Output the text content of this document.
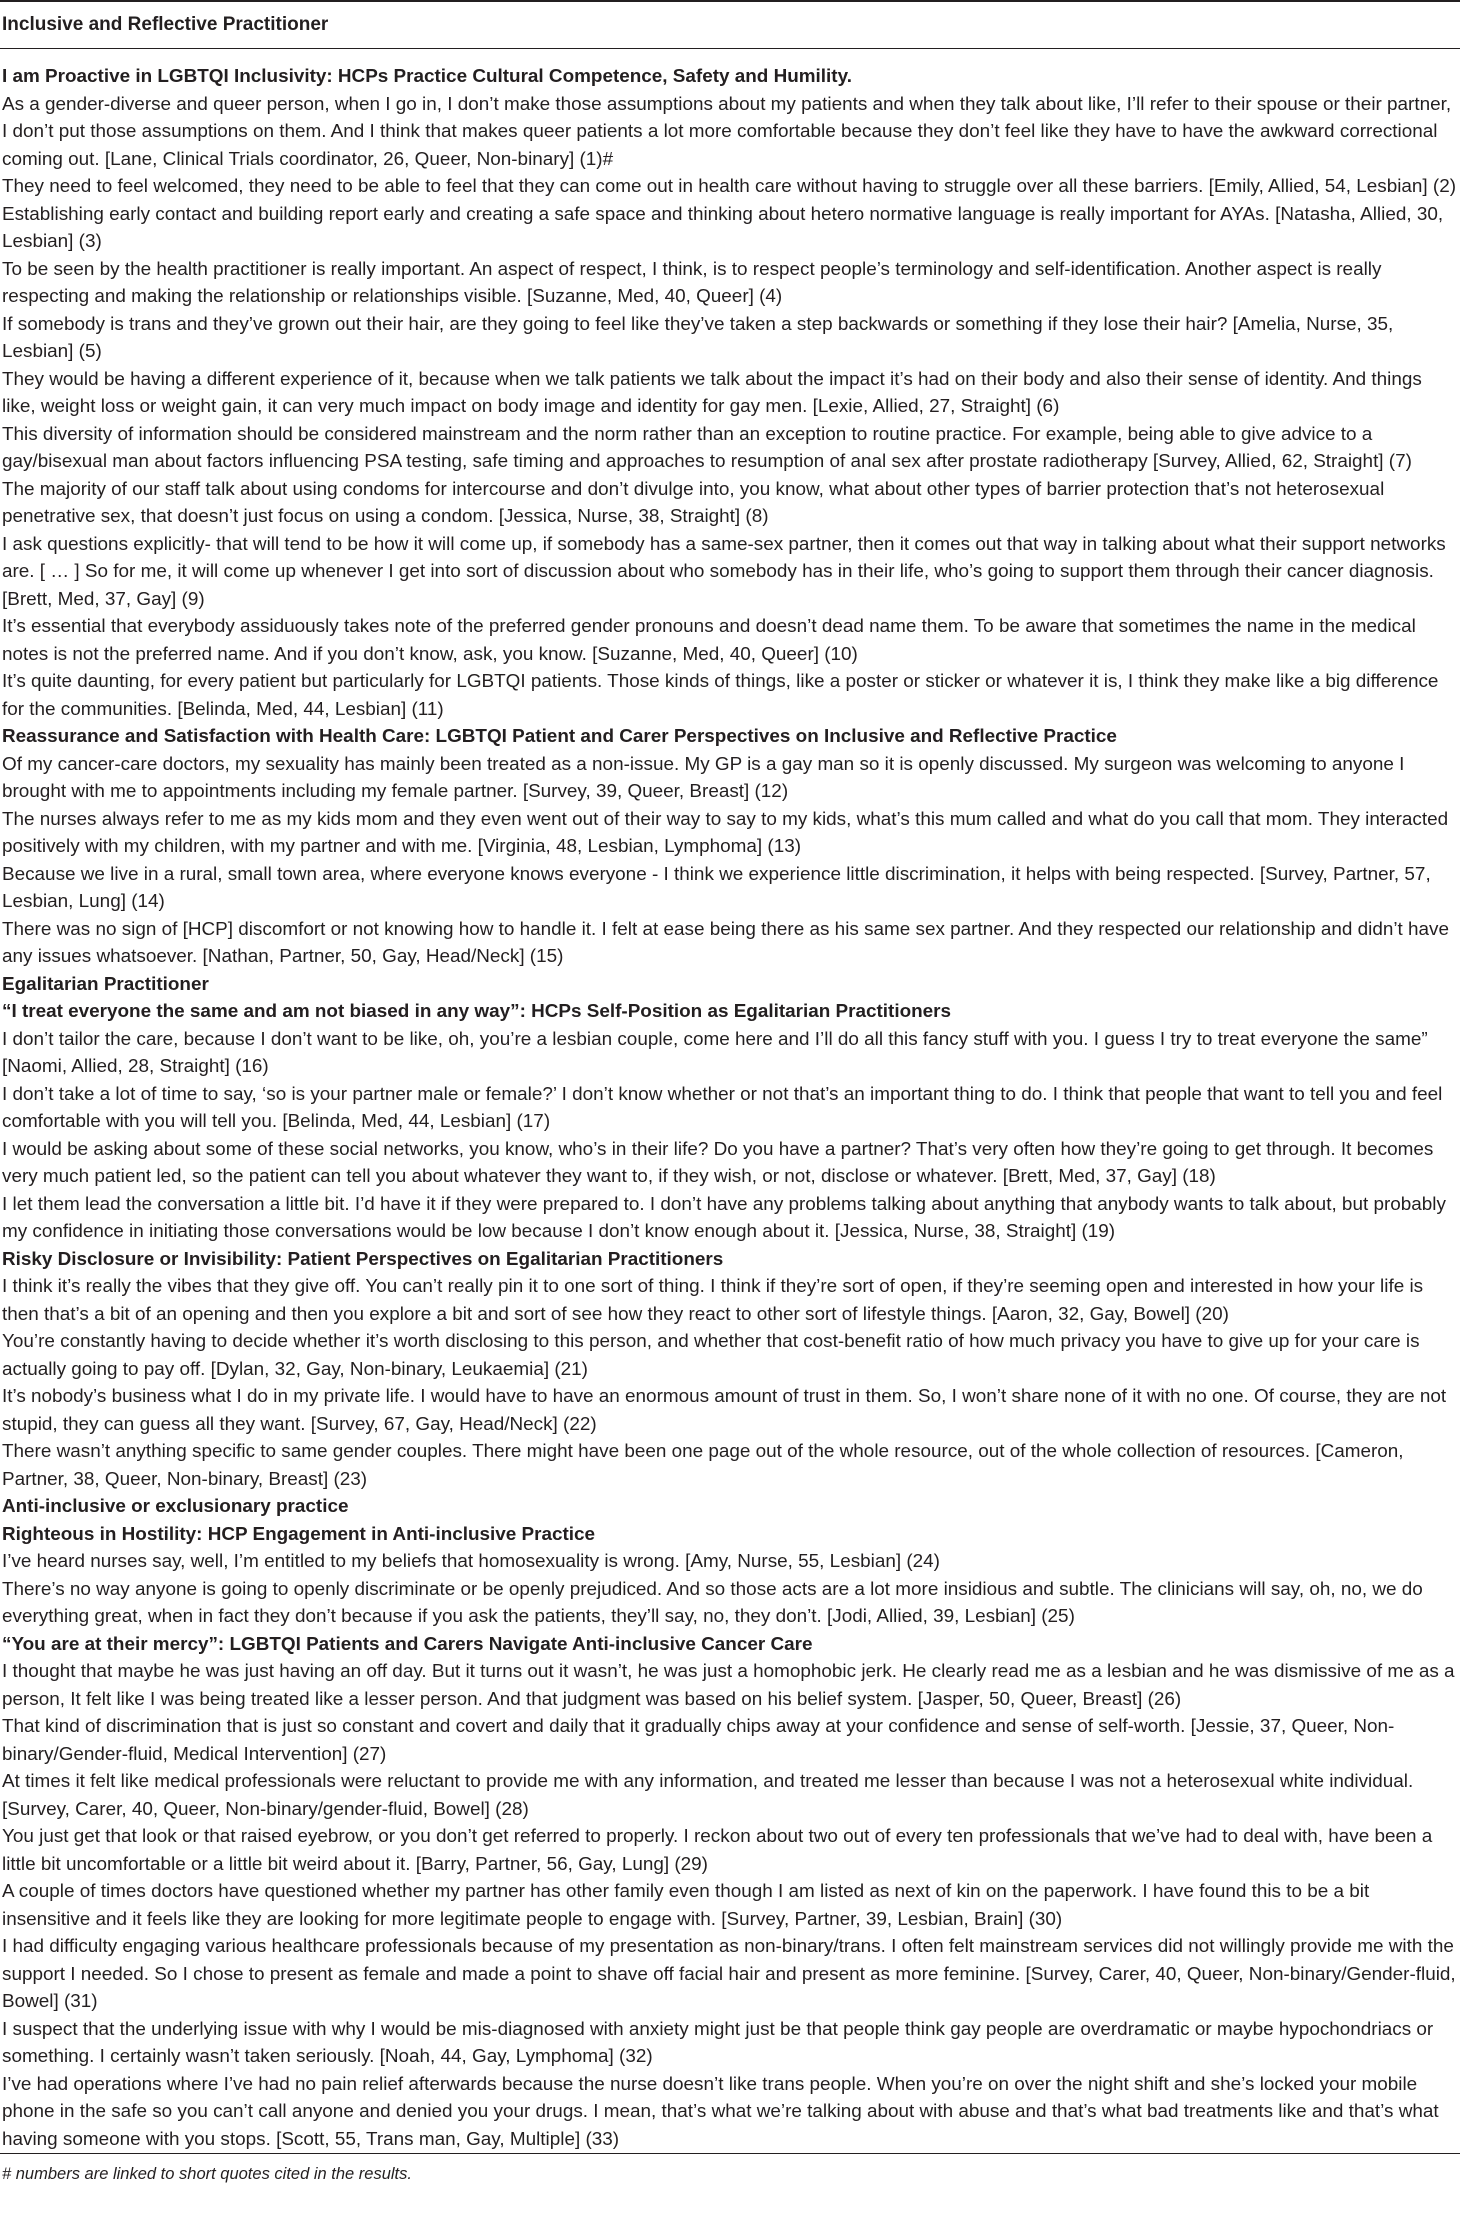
Inclusive and Reflective Practitioner

I am Proactive in LGBTQI Inclusivity: HCPs Practice Cultural Competence, Safety and Humility.

As a gender-diverse and queer person, when I go in, I don’t make those assumptions about my patients and when they talk about like, I’ll refer to their spouse or their partner, I don’t put those assumptions on them. And I think that makes queer patients a lot more comfortable because they don’t feel like they have to have the awkward correctional coming out. [Lane, Clinical Trials coordinator, 26, Queer, Non-binary] (1)#

They need to feel welcomed, they need to be able to feel that they can come out in health care without having to struggle over all these barriers. [Emily, Allied, 54, Lesbian] (2)

Establishing early contact and building report early and creating a safe space and thinking about hetero normative language is really important for AYAs. [Natasha, Allied, 30, Lesbian] (3)

To be seen by the health practitioner is really important. An aspect of respect, I think, is to respect people’s terminology and self-identification. Another aspect is really respecting and making the relationship or relationships visible. [Suzanne, Med, 40, Queer] (4)

If somebody is trans and they’ve grown out their hair, are they going to feel like they’ve taken a step backwards or something if they lose their hair? [Amelia, Nurse, 35, Lesbian] (5)

They would be having a different experience of it, because when we talk patients we talk about the impact it’s had on their body and also their sense of identity. And things like, weight loss or weight gain, it can very much impact on body image and identity for gay men. [Lexie, Allied, 27, Straight] (6)

This diversity of information should be considered mainstream and the norm rather than an exception to routine practice. For example, being able to give advice to a gay/bisexual man about factors influencing PSA testing, safe timing and approaches to resumption of anal sex after prostate radiotherapy [Survey, Allied, 62, Straight] (7)

The majority of our staff talk about using condoms for intercourse and don’t divulge into, you know, what about other types of barrier protection that’s not heterosexual penetrative sex, that doesn’t just focus on using a condom. [Jessica, Nurse, 38, Straight] (8)

I ask questions explicitly- that will tend to be how it will come up, if somebody has a same-sex partner, then it comes out that way in talking about what their support networks are. [ … ] So for me, it will come up whenever I get into sort of discussion about who somebody has in their life, who’s going to support them through their cancer diagnosis. [Brett, Med, 37, Gay] (9)

It’s essential that everybody assiduously takes note of the preferred gender pronouns and doesn’t dead name them. To be aware that sometimes the name in the medical notes is not the preferred name. And if you don’t know, ask, you know. [Suzanne, Med, 40, Queer] (10)

It’s quite daunting, for every patient but particularly for LGBTQI patients. Those kinds of things, like a poster or sticker or whatever it is, I think they make like a big difference for the communities. [Belinda, Med, 44, Lesbian] (11)

Reassurance and Satisfaction with Health Care: LGBTQI Patient and Carer Perspectives on Inclusive and Reflective Practice

Of my cancer-care doctors, my sexuality has mainly been treated as a non-issue. My GP is a gay man so it is openly discussed. My surgeon was welcoming to anyone I brought with me to appointments including my female partner. [Survey, 39, Queer, Breast] (12)

The nurses always refer to me as my kids mom and they even went out of their way to say to my kids, what’s this mum called and what do you call that mom. They interacted positively with my children, with my partner and with me. [Virginia, 48, Lesbian, Lymphoma] (13)

Because we live in a rural, small town area, where everyone knows everyone - I think we experience little discrimination, it helps with being respected. [Survey, Partner, 57, Lesbian, Lung] (14)

There was no sign of [HCP] discomfort or not knowing how to handle it. I felt at ease being there as his same sex partner. And they respected our relationship and didn’t have any issues whatsoever. [Nathan, Partner, 50, Gay, Head/Neck] (15)

Egalitarian Practitioner

“I treat everyone the same and am not biased in any way”: HCPs Self-Position as Egalitarian Practitioners

I don’t tailor the care, because I don’t want to be like, oh, you’re a lesbian couple, come here and I’ll do all this fancy stuff with you. I guess I try to treat everyone the same” [Naomi, Allied, 28, Straight] (16)

I don’t take a lot of time to say, ‘so is your partner male or female?’ I don’t know whether or not that’s an important thing to do. I think that people that want to tell you and feel comfortable with you will tell you. [Belinda, Med, 44, Lesbian] (17)

I would be asking about some of these social networks, you know, who’s in their life? Do you have a partner? That’s very often how they’re going to get through. It becomes very much patient led, so the patient can tell you about whatever they want to, if they wish, or not, disclose or whatever. [Brett, Med, 37, Gay] (18)

I let them lead the conversation a little bit. I’d have it if they were prepared to. I don’t have any problems talking about anything that anybody wants to talk about, but probably my confidence in initiating those conversations would be low because I don’t know enough about it. [Jessica, Nurse, 38, Straight] (19)

Risky Disclosure or Invisibility: Patient Perspectives on Egalitarian Practitioners

I think it’s really the vibes that they give off. You can’t really pin it to one sort of thing. I think if they’re sort of open, if they’re seeming open and interested in how your life is then that’s a bit of an opening and then you explore a bit and sort of see how they react to other sort of lifestyle things. [Aaron, 32, Gay, Bowel] (20)

You’re constantly having to decide whether it’s worth disclosing to this person, and whether that cost-benefit ratio of how much privacy you have to give up for your care is actually going to pay off. [Dylan, 32, Gay, Non-binary, Leukaemia] (21)

It’s nobody’s business what I do in my private life. I would have to have an enormous amount of trust in them. So, I won’t share none of it with no one. Of course, they are not stupid, they can guess all they want. [Survey, 67, Gay, Head/Neck] (22)

There wasn’t anything specific to same gender couples. There might have been one page out of the whole resource, out of the whole collection of resources. [Cameron, Partner, 38, Queer, Non-binary, Breast] (23)

Anti-inclusive or exclusionary practice

Righteous in Hostility: HCP Engagement in Anti-inclusive Practice

I’ve heard nurses say, well, I’m entitled to my beliefs that homosexuality is wrong. [Amy, Nurse, 55, Lesbian] (24)

There’s no way anyone is going to openly discriminate or be openly prejudiced. And so those acts are a lot more insidious and subtle. The clinicians will say, oh, no, we do everything great, when in fact they don’t because if you ask the patients, they’ll say, no, they don’t. [Jodi, Allied, 39, Lesbian] (25)

“You are at their mercy”: LGBTQI Patients and Carers Navigate Anti-inclusive Cancer Care

I thought that maybe he was just having an off day. But it turns out it wasn’t, he was just a homophobic jerk. He clearly read me as a lesbian and he was dismissive of me as a person, It felt like I was being treated like a lesser person. And that judgment was based on his belief system. [Jasper, 50, Queer, Breast] (26)

That kind of discrimination that is just so constant and covert and daily that it gradually chips away at your confidence and sense of self-worth. [Jessie, 37, Queer, Non-binary/Gender-fluid, Medical Intervention] (27)

At times it felt like medical professionals were reluctant to provide me with any information, and treated me lesser than because I was not a heterosexual white individual. [Survey, Carer, 40, Queer, Non-binary/gender-fluid, Bowel] (28)

You just get that look or that raised eyebrow, or you don’t get referred to properly. I reckon about two out of every ten professionals that we’ve had to deal with, have been a little bit uncomfortable or a little bit weird about it. [Barry, Partner, 56, Gay, Lung] (29)

A couple of times doctors have questioned whether my partner has other family even though I am listed as next of kin on the paperwork. I have found this to be a bit insensitive and it feels like they are looking for more legitimate people to engage with. [Survey, Partner, 39, Lesbian, Brain] (30)

I had difficulty engaging various healthcare professionals because of my presentation as non-binary/trans. I often felt mainstream services did not willingly provide me with the support I needed. So I chose to present as female and made a point to shave off facial hair and present as more feminine. [Survey, Carer, 40, Queer, Non-binary/Gender-fluid, Bowel] (31)

I suspect that the underlying issue with why I would be mis-diagnosed with anxiety might just be that people think gay people are overdramatic or maybe hypochondriacs or something. I certainly wasn’t taken seriously. [Noah, 44, Gay, Lymphoma] (32)

I’ve had operations where I’ve had no pain relief afterwards because the nurse doesn’t like trans people. When you’re on over the night shift and she’s locked your mobile phone in the safe so you can’t call anyone and denied you your drugs. I mean, that’s what we’re talking about with abuse and that’s what bad treatments like and that’s what having someone with you stops. [Scott, 55, Trans man, Gay, Multiple] (33)

# numbers are linked to short quotes cited in the results.
